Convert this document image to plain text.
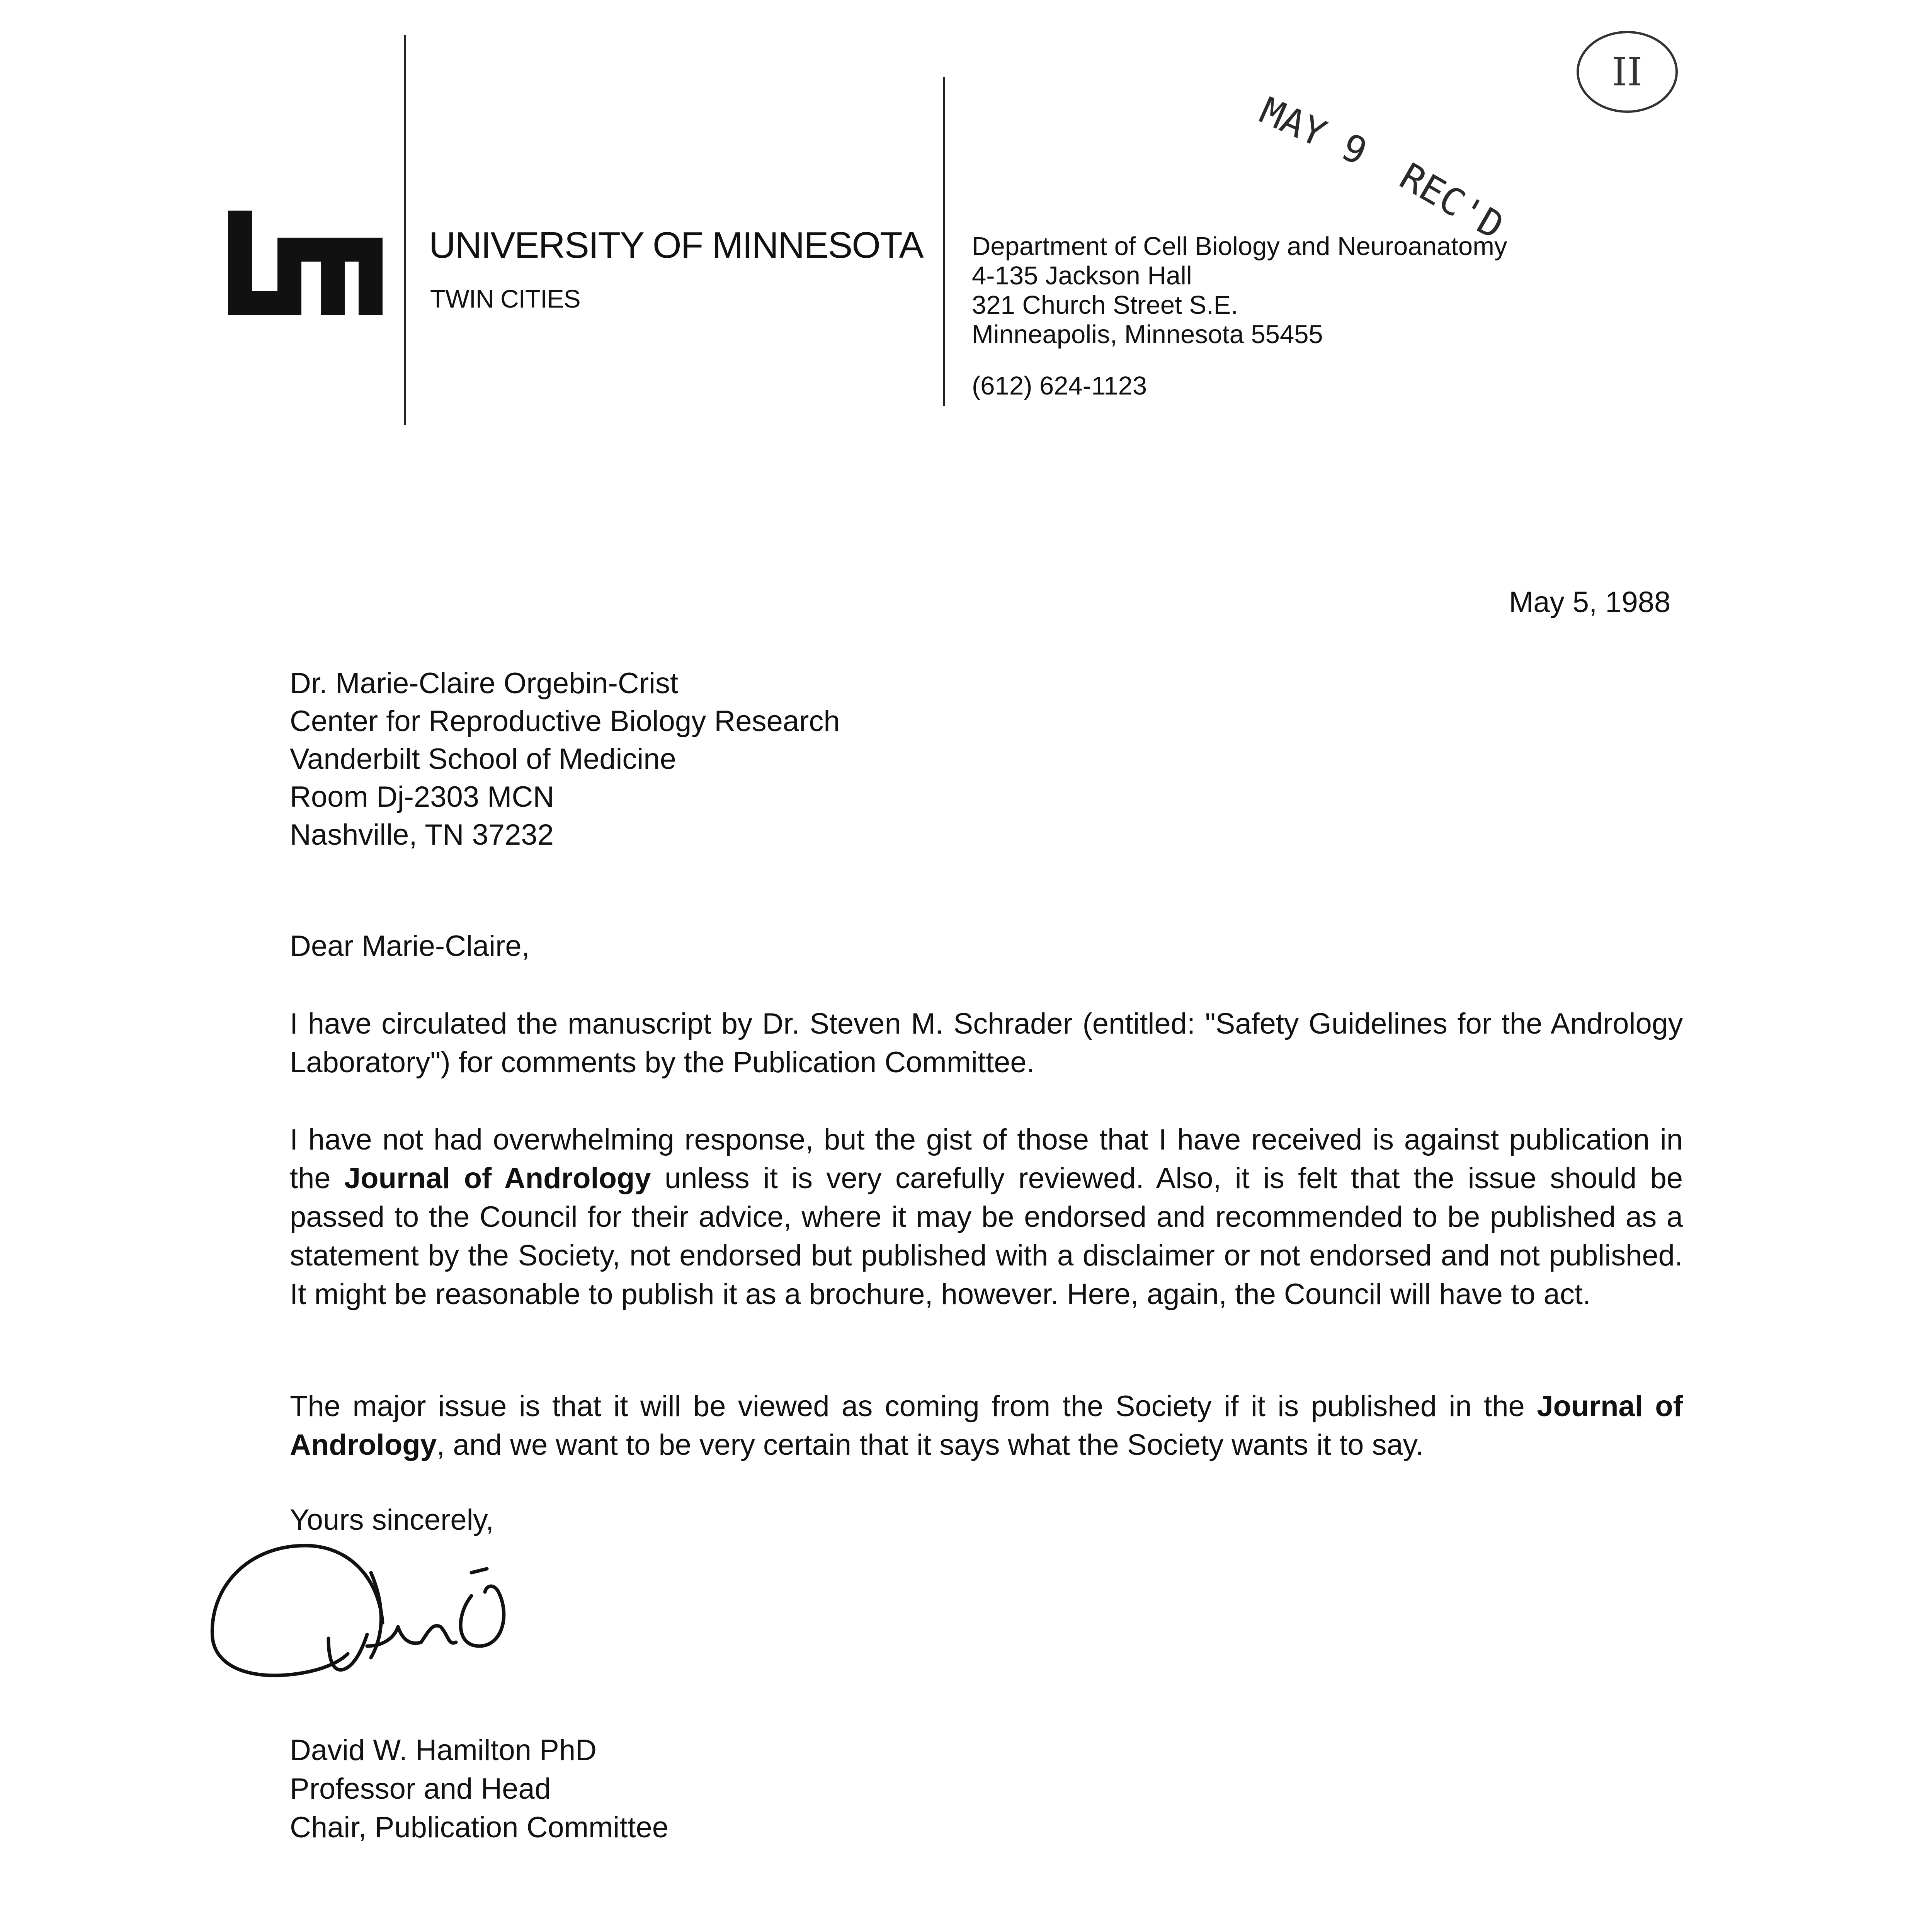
UNIVERSITY OF MINNESOTA
TWIN CITIES
Department of Cell Biology and Neuroanatomy
4-135 Jackson Hall
321 Church Street S.E.
Minneapolis, Minnesota 55455
(612) 624-1123
MAY 9
REC'D
II
May 5, 1988
Dr. Marie-Claire Orgebin-Crist
Center for Reproductive Biology Research
Vanderbilt School of Medicine
Room Dj-2303 MCN
Nashville, TN 37232
Dear Marie-Claire,
I have circulated the manuscript by Dr. Steven M. Schrader (entitled: "Safety Guidelines for the Andrology Laboratory") for comments by the Publication Committee.
I have not had overwhelming response, but the gist of those that I have received is against publication in the Journal of Andrology unless it is very carefully reviewed. Also, it is felt that the issue should be passed to the Council for their advice, where it may be endorsed and recommended to be published as a statement by the Society, not endorsed but published with a disclaimer or not endorsed and not published. It might be reasonable to publish it as a brochure, however. Here, again, the Council will have to act.
The major issue is that it will be viewed as coming from the Society if it is published in the Journal of Andrology, and we want to be very certain that it says what the Society wants it to say.
Yours sincerely,
David W. Hamilton PhD
Professor and Head
Chair, Publication Committee
